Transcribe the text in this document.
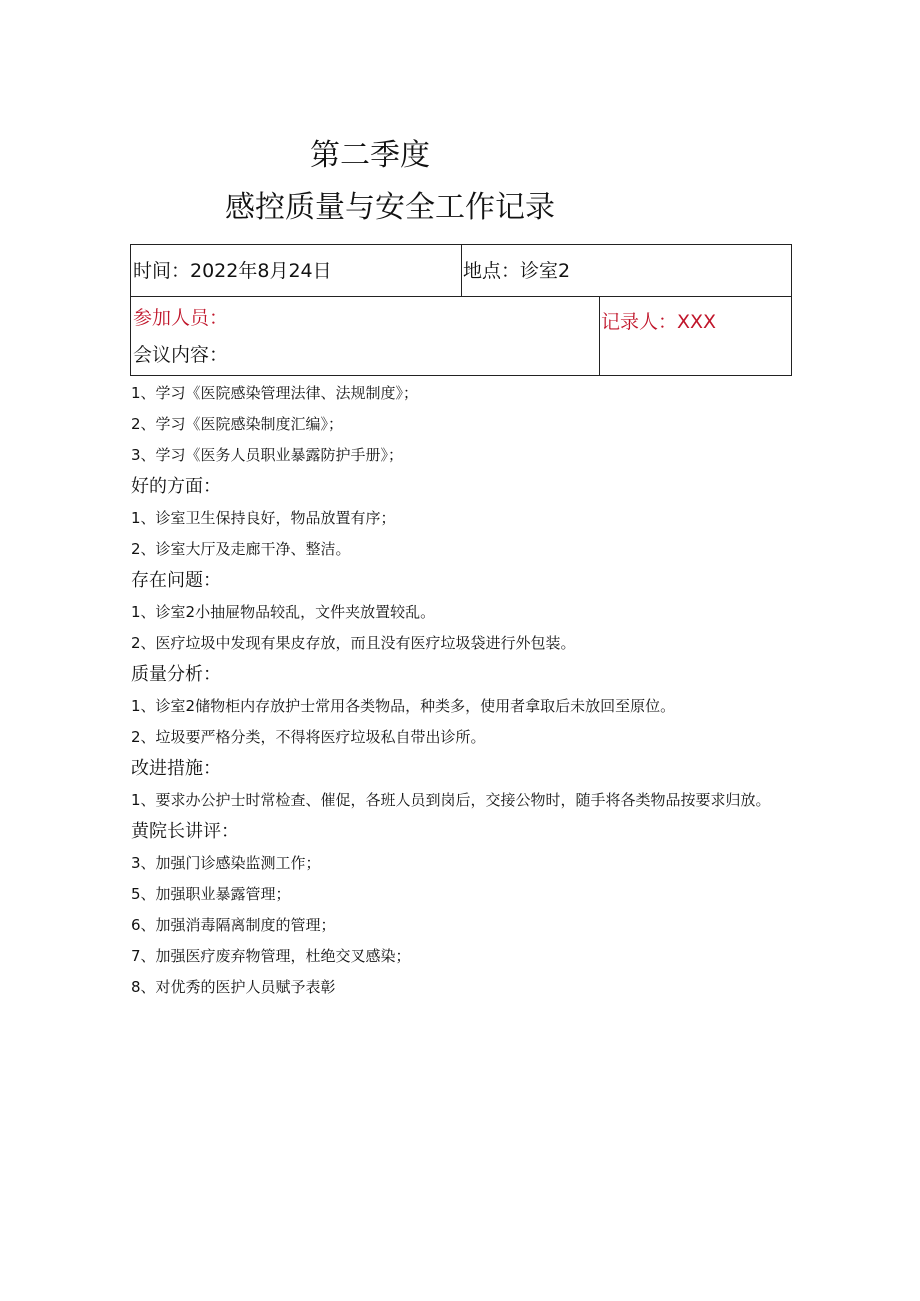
第二季度
感控质量与安全工作记录
时间：2022年8月24日	地点：诊室2
参加人员：
会议内容：
记录人：XXX
1、学习《医院感染管理法律、法规制度》；
2、学习《医院感染制度汇编》；
3、学习《医务人员职业暴露防护手册》；
好的方面：
1、诊室卫生保持良好，物品放置有序；
2、诊室大厅及走廊干净、整洁。
存在问题：
1、诊室2小抽屉物品较乱，文件夹放置较乱。
2、医疗垃圾中发现有果皮存放，而且没有医疗垃圾袋进行外包装。
质量分析：
1、诊室2储物柜内存放护士常用各类物品，种类多，使用者拿取后未放回至原位。
2、垃圾要严格分类，不得将医疗垃圾私自带出诊所。
改进措施：
1、要求办公护士时常检查、催促，各班人员到岗后，交接公物时，随手将各类物品按要求归放。
黄院长讲评：
3、加强门诊感染监测工作；
5、加强职业暴露管理；
6、加强消毒隔离制度的管理；
7、加强医疗废弃物管理，杜绝交叉感染；
8、对优秀的医护人员赋予表彰
